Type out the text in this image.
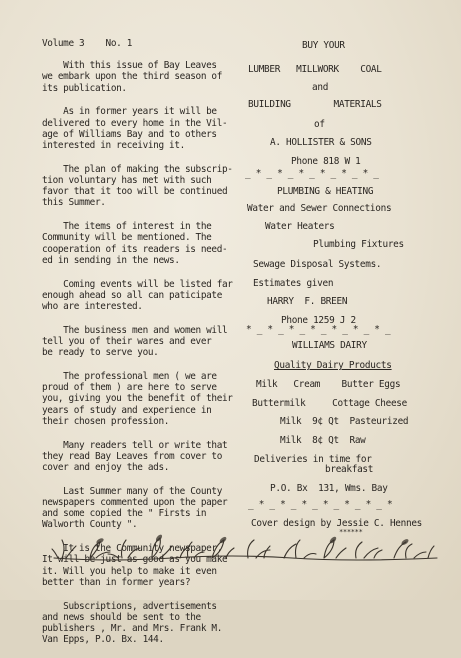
Volume 3    No. 1

With this issue of Bay Leaves
we embark upon the third season of
its publication.

As in former years it will be
delivered to every home in the Vil-
age of Williams Bay and to others
interested in receiving it.

The plan of making the subscrip-
tion voluntary has met with such
favor that it too will be continued
this Summer.

The items of interest in the
Community will be mentioned. The
cooperation of its readers is need-
ed in sending in the news.

Coming events will be listed far
enough ahead so all can paticipate
who are interested.

The business men and women will
tell you of their wares and ever
be ready to serve you.

The professional men ( we are
proud of them ) are here to serve
you, giving you the benefit of their
years of study and experience in
their chosen profession.

Many readers tell or write that
they read Bay Leaves from cover to
cover and enjoy the ads.

Last Summer many of the County
newspapers commented upon the paper
and some copied the " Firsts in
Walworth County ".

It is the Community newspaper.
It will be just as good as you make
it. Will you help to make it even
better than in former years?

Subscriptions, advertisements
and news should be sent to the
publishers , Mr. and Mrs. Frank M.
Van Epps, P.O. Bx. 144.

BUY YOUR
LUMBER   MILLWORK    COAL
and
BUILDING        MATERIALS
of
A. HOLLISTER & SONS
Phone 818 W 1
_ * _ * _ * _ * _ * _ * _
PLUMBING & HEATING
Water and Sewer Connections
Water Heaters
Plumbing Fixtures
Sewage Disposal Systems.
Estimates given
HARRY  F. BREEN
Phone 1259 J 2
* _ * _ * _ * _ * _ * _ * _
WILLIAMS DAIRY
Quality Dairy Products
Milk   Cream    Butter Eggs
Buttermilk     Cottage Cheese
Milk  9¢ Qt  Pasteurized
Milk  8¢ Qt  Raw
Deliveries in time for
breakfast
P.O. Bx  131, Wms. Bay
_ * _ * _ * _ * _ * _ * _ *
Cover design by Jessie C. Hennes
******
